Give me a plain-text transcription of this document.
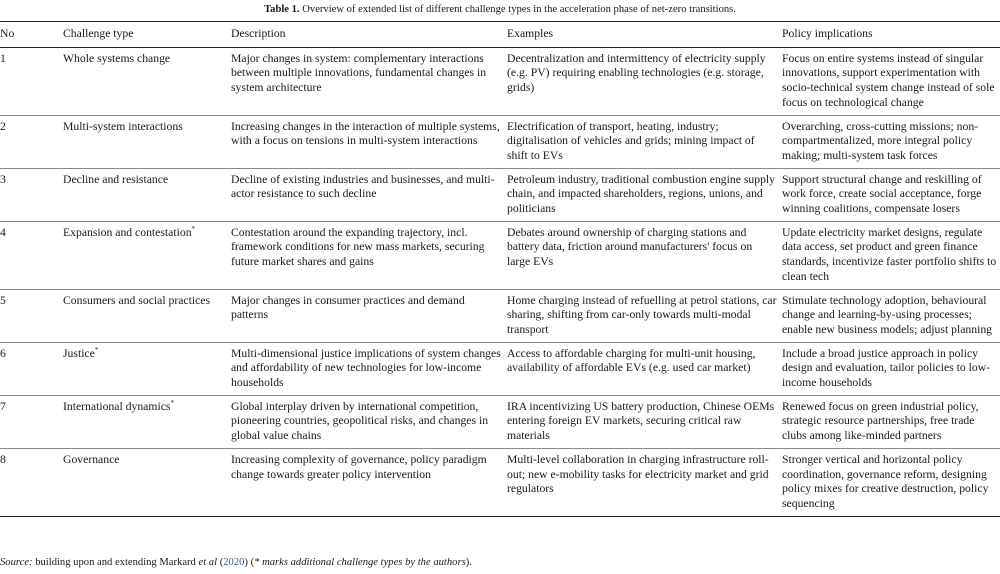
Table 1. Overview of extended list of different challenge types in the acceleration phase of net-zero transitions.
No	Challenge type	Description	Examples	Policy implications
1	Whole systems change	Major changes in system: complementary interactions between multiple innovations, fundamental changes in system architecture	Decentralization and intermittency of electricity supply (e.g. PV) requiring enabling technologies (e.g. storage, grids)	Focus on entire systems instead of singular innovations, support experimentation with socio-technical system change instead of sole focus on technological change
2	Multi-system interactions	Increasing changes in the interaction of multiple systems, with a focus on tensions in multi-system interactions	Electrification of transport, heating, industry; digitalisation of vehicles and grids; mining impact of shift to EVs	Overarching, cross-cutting missions; non-compartmentalized, more integral policy making; multi-system task forces
3	Decline and resistance	Decline of existing industries and businesses, and multi-actor resistance to such decline	Petroleum industry, traditional combustion engine supply chain, and impacted shareholders, regions, unions, and politicians	Support structural change and reskilling of work force, create social acceptance, forge winning coalitions, compensate losers
4	Expansion and contestation*	Contestation around the expanding trajectory, incl. framework conditions for new mass markets, securing future market shares and gains	Debates around ownership of charging stations and battery data, friction around manufacturers' focus on large EVs	Update electricity market designs, regulate data access, set product and green finance standards, incentivize faster portfolio shifts to clean tech
5	Consumers and social practices	Major changes in consumer practices and demand patterns	Home charging instead of refuelling at petrol stations, car sharing, shifting from car-only towards multi-modal transport	Stimulate technology adoption, behavioural change and learning-by-using processes; enable new business models; adjust planning
6	Justice*	Multi-dimensional justice implications of system changes and affordability of new technologies for low-income households	Access to affordable charging for multi-unit housing, availability of affordable EVs (e.g. used car market)	Include a broad justice approach in policy design and evaluation, tailor policies to low-income households
7	International dynamics*	Global interplay driven by international competition, pioneering countries, geopolitical risks, and changes in global value chains	IRA incentivizing US battery production, Chinese OEMs entering foreign EV markets, securing critical raw materials	Renewed focus on green industrial policy, strategic resource partnerships, free trade clubs among like-minded partners
8	Governance	Increasing complexity of governance, policy paradigm change towards greater policy intervention	Multi-level collaboration in charging infrastructure roll-out; new e-mobility tasks for electricity market and grid regulators	Stronger vertical and horizontal policy coordination, governance reform, designing policy mixes for creative destruction, policy sequencing
Source: building upon and extending Markard et al (2020) (* marks additional challenge types by the authors).
